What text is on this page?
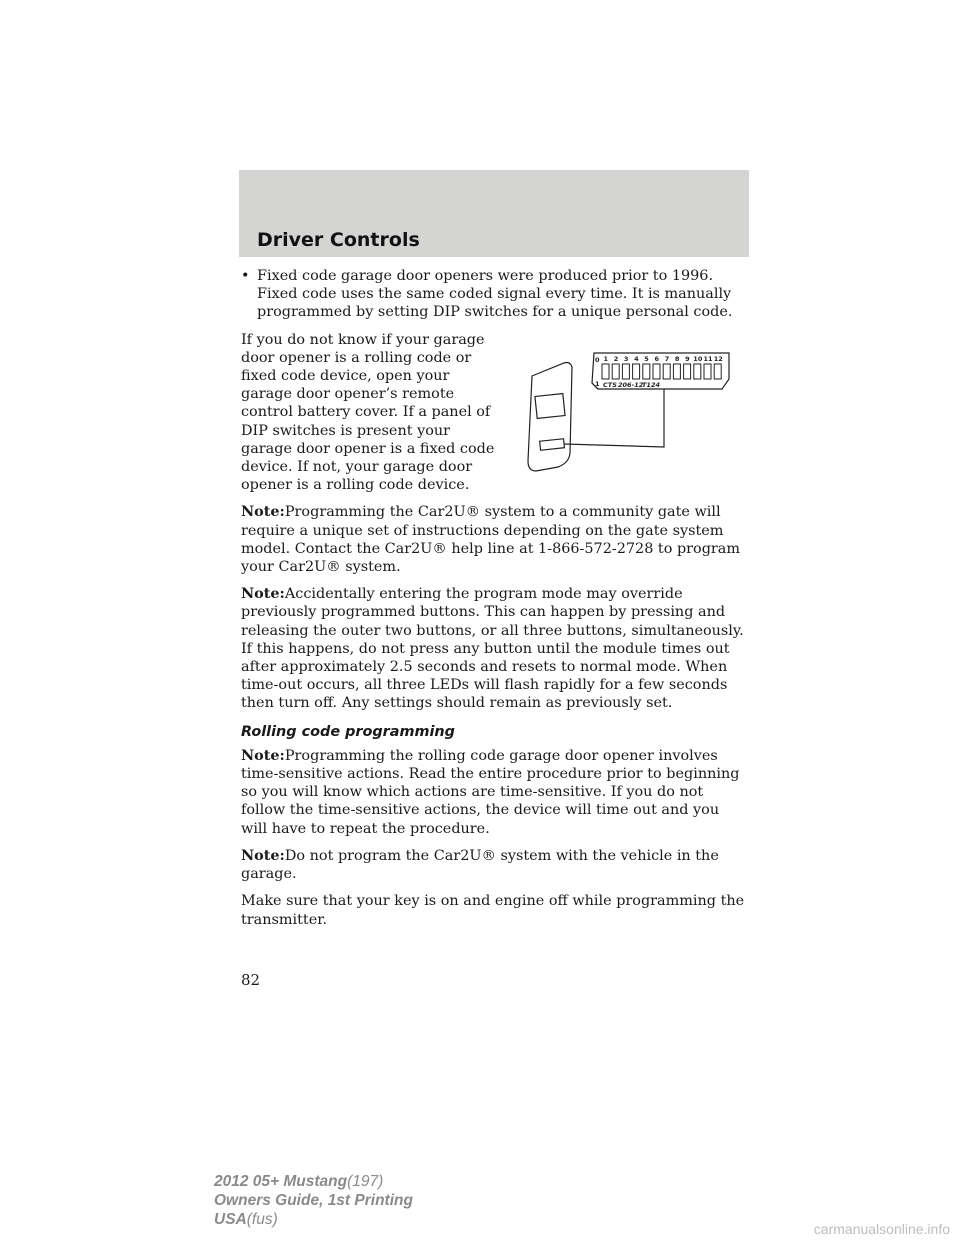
Driver Controls
• Fixed code garage door openers were produced prior to 1996. Fixed code uses the same coded signal every time. It is manually programmed by setting DIP switches for a unique personal code.

If you do not know if your garage door opener is a rolling code or fixed code device, open your garage door opener’s remote control battery cover. If a panel of DIP switches is present your garage door opener is a fixed code device. If not, your garage door opener is a rolling code device.

1 2 3 4 5 6 7 8 9 101112
0
1 CTS 206-12
T124

Note:Programming the Car2U® system to a community gate will require a unique set of instructions depending on the gate system model. Contact the Car2U® help line at 1-866-572-2728 to program your Car2U® system.

Note:Accidentally entering the program mode may override previously programmed buttons. This can happen by pressing and releasing the outer two buttons, or all three buttons, simultaneously. If this happens, do not press any button until the module times out after approximately 2.5 seconds and resets to normal mode. When time-out occurs, all three LEDs will flash rapidly for a few seconds then turn off. Any settings should remain as previously set.

Rolling code programming

Note:Programming the rolling code garage door opener involves time-sensitive actions. Read the entire procedure prior to beginning so you will know which actions are time-sensitive. If you do not follow the time-sensitive actions, the device will time out and you will have to repeat the procedure.

Note:Do not program the Car2U® system with the vehicle in the garage.

Make sure that your key is on and engine off while programming the transmitter.

82
2012 05+ Mustang(197)
Owners Guide, 1st Printing
USA(fus)
carmanualsonline.info
